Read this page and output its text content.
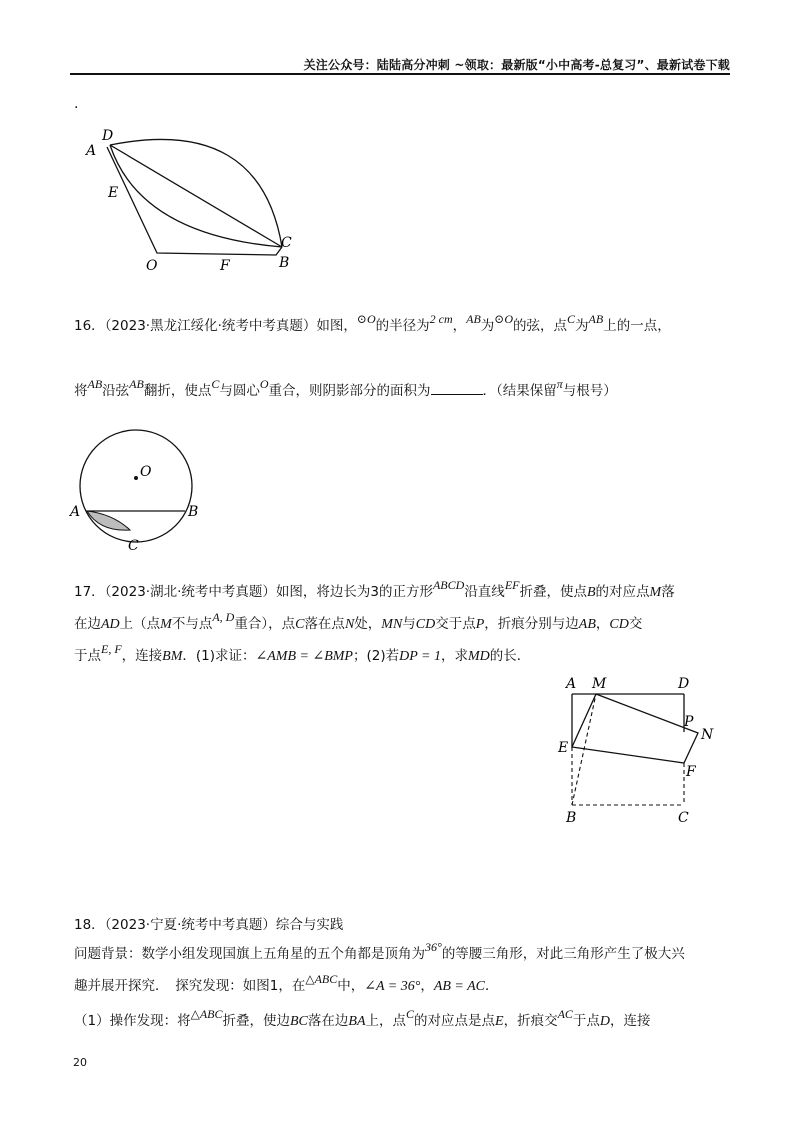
关注公众号：陆陆高分冲刺 ~领取：最新版“小中高考-总复习”、最新试卷下载
.
A
D
E
O	F
C
B
16．（2023·黑龙江绥化·统考中考真题）如图，⊙O的半径为2 cm，AB为⊙O的弦，点C为AB上的一点，
将AB沿弦AB翻折，使点C与圆心O重合，则阴影部分的面积为	．（结果保留π与根号）
O
A	B
C
17．（2023·湖北·统考中考真题）如图，将边长为3的正方形ABCD沿直线EF折叠，使点B的对应点M落
在边AD上（点M不与点A, D重合），点C落在点N处，MN与CD交于点P，折痕分别与边AB，CD交
于点E, F，连接BM．(1)求证：∠AMB = ∠BMP；(2)若DP = 1，求MD的长．
A M	D
P
N
E
F
B	C
18．（2023·宁夏·统考中考真题）综合与实践
问题背景：数学小组发现国旗上五角星的五个角都是顶角为36°的等腰三角形，对此三角形产生了极大兴
趣并展开探究．　探究发现：如图1，在△ABC中，∠A = 36°，AB = AC．
（1）操作发现：将△ABC折叠，使边BC落在边BA上，点C的对应点是点E，折痕交AC于点D，连接
20
